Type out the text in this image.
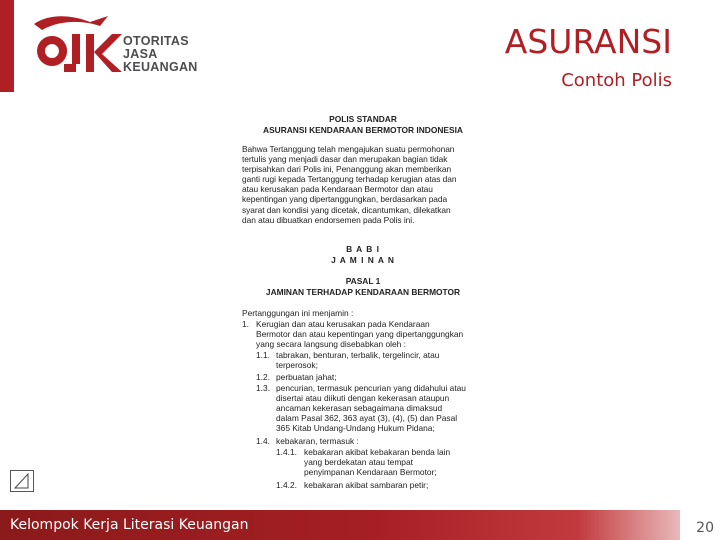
OTORITAS
JASA
KEUANGAN
ASURANSI
Contoh Polis
POLIS STANDAR
ASURANSI KENDARAAN BERMOTOR INDONESIA
Bahwa Tertanggung telah mengajukan suatu permohonan
tertulis yang menjadi dasar dan merupakan bagian tidak
terpisahkan dari Polis ini, Penanggung akan memberikan
ganti rugi kepada Tertanggung terhadap kerugian atas dan
atau kerusakan pada Kendaraan Bermotor dan atau
kepentingan yang dipertanggungkan, berdasarkan pada
syarat dan kondisi yang dicetak, dicantumkan, dilekatkan
dan atau dibuatkan endorsemen pada Polis ini.
B A B I
J A M I N A N
PASAL 1
JAMINAN TERHADAP KENDARAAN BERMOTOR
Pertanggungan ini menjamin :
1. Kerugian dan atau kerusakan pada Kendaraan
Bermotor dan atau kepentingan yang dipertanggungkan
yang secara langsung disebabkan oleh :
1.1. tabrakan, benturan, terbalik, tergelincir, atau
terperosok;
1.2. perbuatan jahat;
1.3. pencurian, termasuk pencurian yang didahului atau
disertai atau diikuti dengan kekerasan ataupun
ancaman kekerasan sebagaimana dimaksud
dalam Pasal 362, 363 ayat (3), (4), (5) dan Pasal
365 Kitab Undang-Undang Hukum Pidana;
1.4. kebakaran, termasuk :
1.4.1. kebakaran akibat kebakaran benda lain
yang berdekatan atau tempat
penyimpanan Kendaraan Bermotor;
1.4.2. kebakaran akibat sambaran petir;
Kelompok Kerja Literasi Keuangan	20
